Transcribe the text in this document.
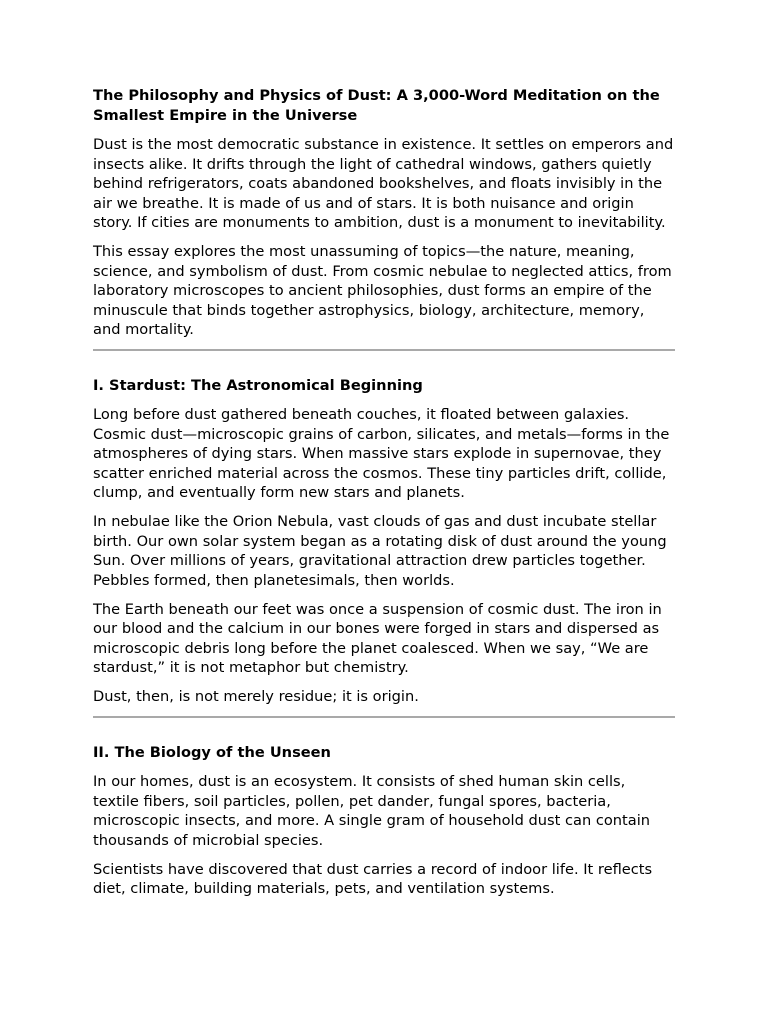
The Philosophy and Physics of Dust: A 3,000-Word Meditation on the Smallest Empire in the Universe

Dust is the most democratic substance in existence. It settles on emperors and insects alike. It drifts through the light of cathedral windows, gathers quietly behind refrigerators, coats abandoned bookshelves, and floats invisibly in the air we breathe. It is made of us and of stars. It is both nuisance and origin story. If cities are monuments to ambition, dust is a monument to inevitability.

This essay explores the most unassuming of topics—the nature, meaning, science, and symbolism of dust. From cosmic nebulae to neglected attics, from laboratory microscopes to ancient philosophies, dust forms an empire of the minuscule that binds together astrophysics, biology, architecture, memory, and mortality.

I. Stardust: The Astronomical Beginning

Long before dust gathered beneath couches, it floated between galaxies. Cosmic dust—microscopic grains of carbon, silicates, and metals—forms in the atmospheres of dying stars. When massive stars explode in supernovae, they scatter enriched material across the cosmos. These tiny particles drift, collide, clump, and eventually form new stars and planets.

In nebulae like the Orion Nebula, vast clouds of gas and dust incubate stellar birth. Our own solar system began as a rotating disk of dust around the young Sun. Over millions of years, gravitational attraction drew particles together. Pebbles formed, then planetesimals, then worlds.

The Earth beneath our feet was once a suspension of cosmic dust. The iron in our blood and the calcium in our bones were forged in stars and dispersed as microscopic debris long before the planet coalesced. When we say, “We are stardust,” it is not metaphor but chemistry.

Dust, then, is not merely residue; it is origin.

II. The Biology of the Unseen

In our homes, dust is an ecosystem. It consists of shed human skin cells, textile fibers, soil particles, pollen, pet dander, fungal spores, bacteria, microscopic insects, and more. A single gram of household dust can contain thousands of microbial species.

Scientists have discovered that dust carries a record of indoor life. It reflects diet, climate, building materials, pets, and ventilation systems.
